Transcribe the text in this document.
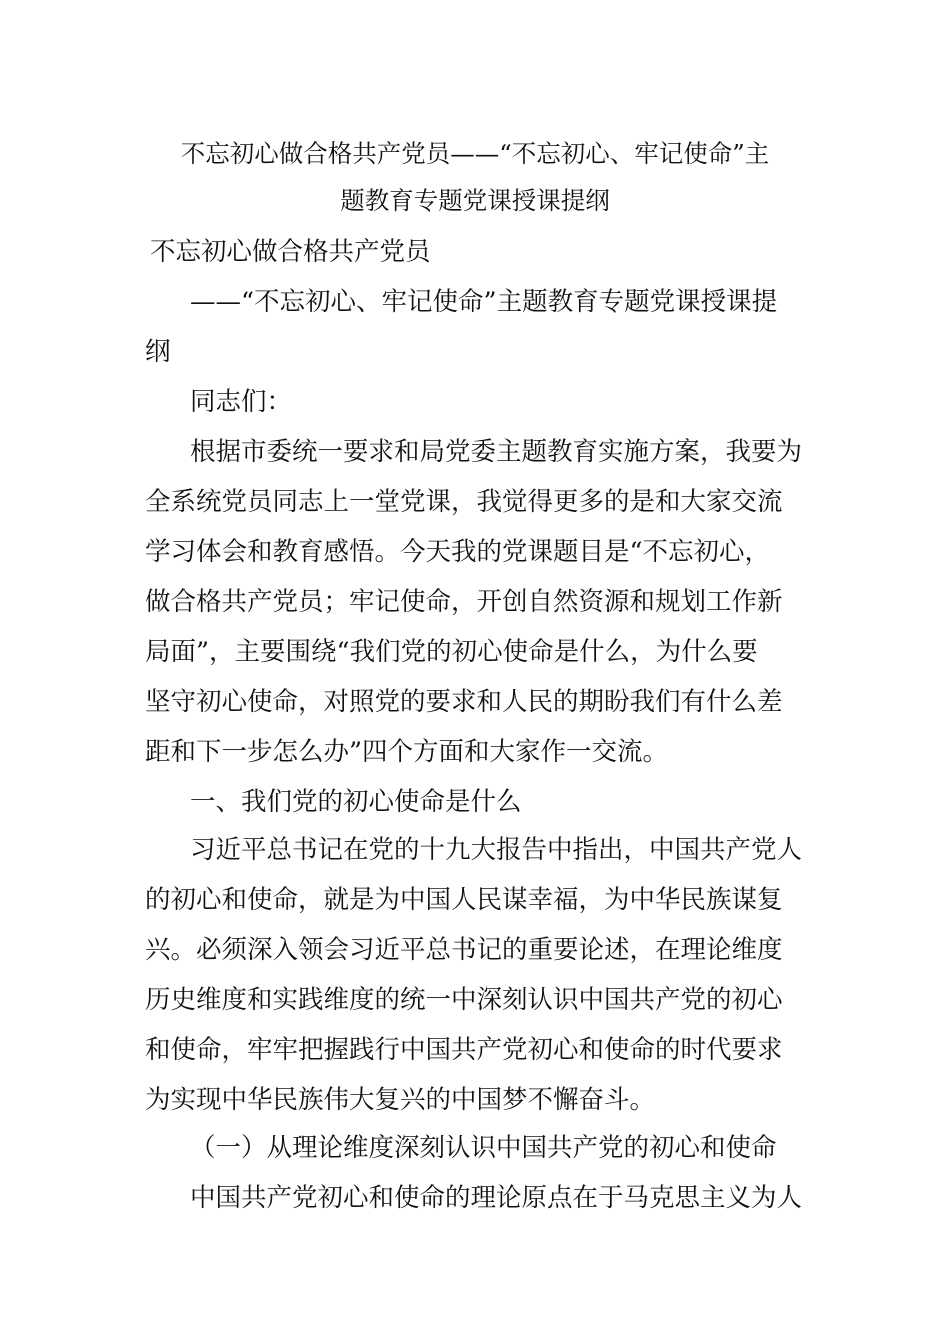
不忘初心做合格共产党员——“不忘初心、牢记使命”主
题教育专题党课授课提纲
不忘初心做合格共产党员
——“不忘初心、牢记使命”主题教育专题党课授课提
纲
同志们：
根据市委统一要求和局党委主题教育实施方案，我要为
全系统党员同志上一堂党课，我觉得更多的是和大家交流
学习体会和教育感悟。今天我的党课题目是“不忘初心，
做合格共产党员；牢记使命，开创自然资源和规划工作新
局面”，主要围绕“我们党的初心使命是什么，为什么要
坚守初心使命，对照党的要求和人民的期盼我们有什么差
距和下一步怎么办”四个方面和大家作一交流。
一、我们党的初心使命是什么
习近平总书记在党的十九大报告中指出，中国共产党人
的初心和使命，就是为中国人民谋幸福，为中华民族谋复
兴。必须深入领会习近平总书记的重要论述，在理论维度
历史维度和实践维度的统一中深刻认识中国共产党的初心
和使命，牢牢把握践行中国共产党初心和使命的时代要求
为实现中华民族伟大复兴的中国梦不懈奋斗。
（一）从理论维度深刻认识中国共产党的初心和使命
中国共产党初心和使命的理论原点在于马克思主义为人
